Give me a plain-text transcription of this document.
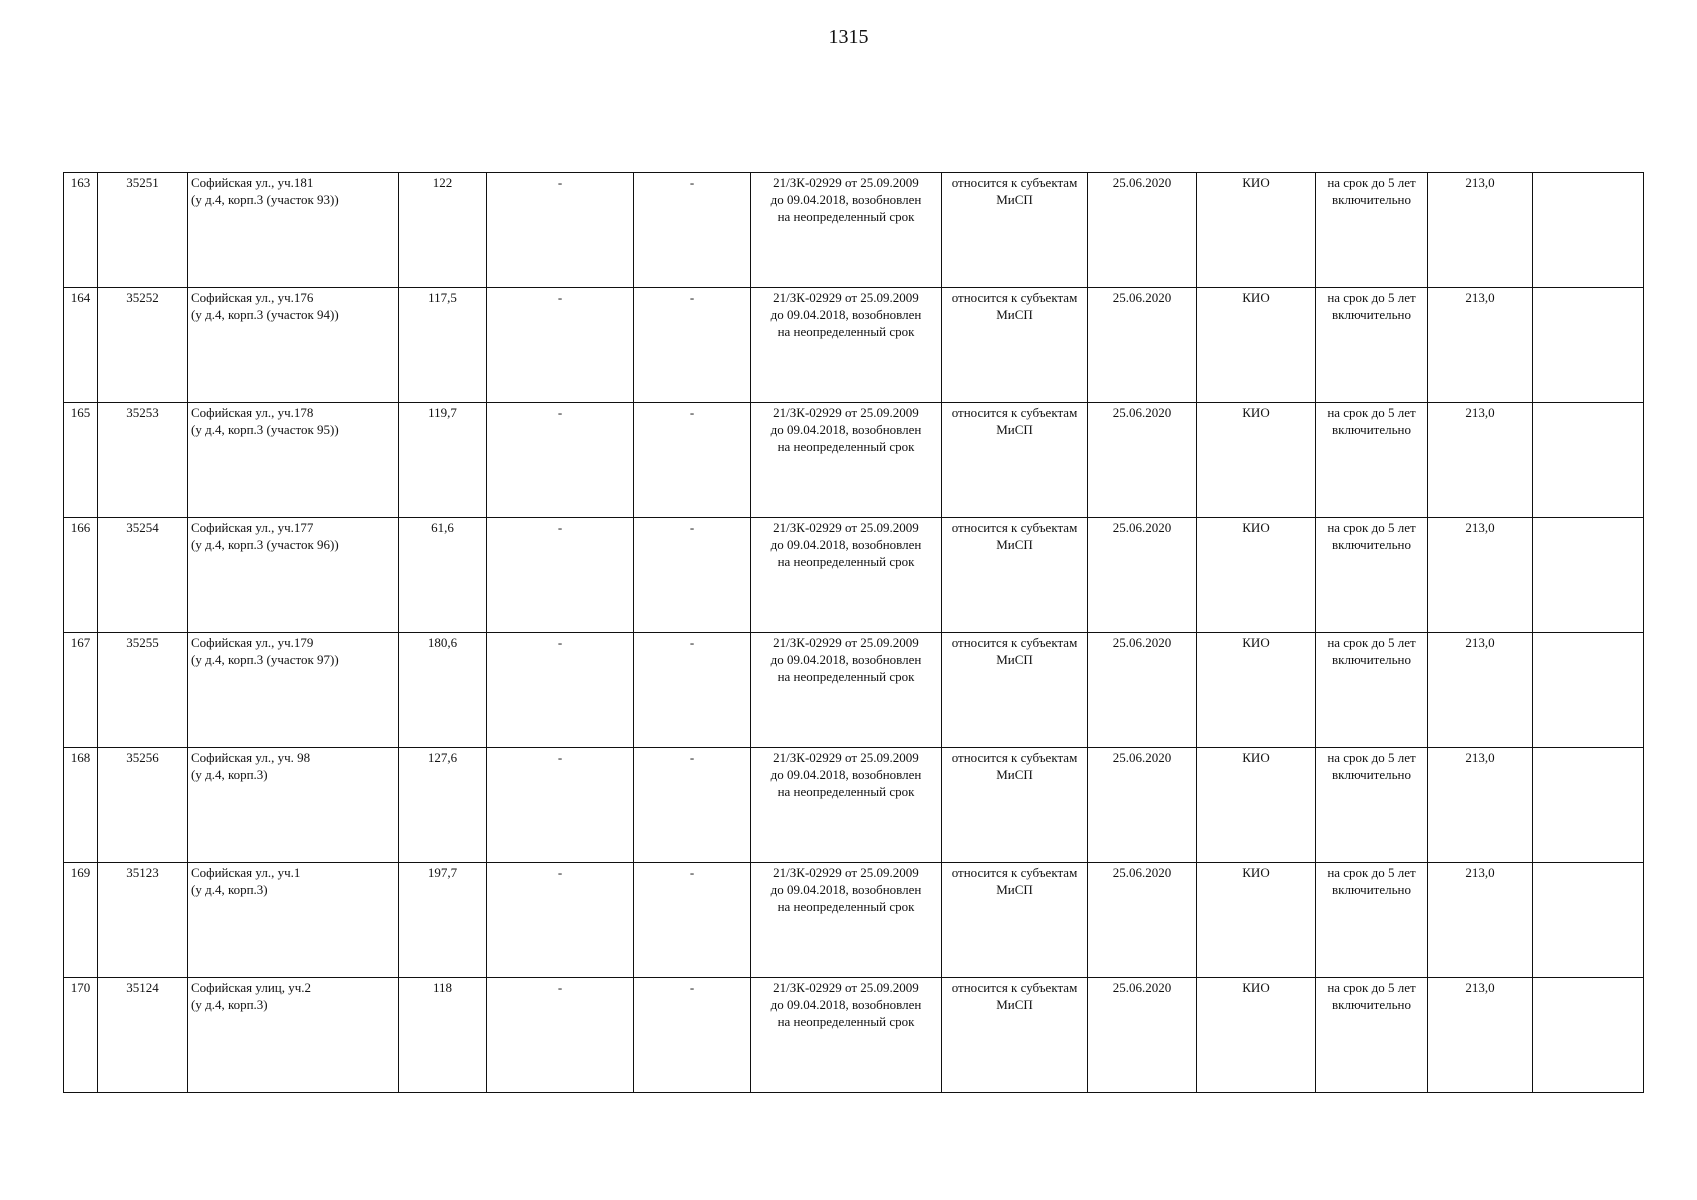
1315
163	35251	Софийская ул., уч.181
(у д.4, корп.3 (участок 93))	122	-	-	21/ЗК-02929 от 25.09.2009
до 09.04.2018, возобновлен
на неопределенный срок	относится к субъектам
МиСП	25.06.2020	КИО	на срок до 5 лет
включительно	213,0	
164	35252	Софийская ул., уч.176
(у д.4, корп.3 (участок 94))	117,5	-	-	21/ЗК-02929 от 25.09.2009
до 09.04.2018, возобновлен
на неопределенный срок	относится к субъектам
МиСП	25.06.2020	КИО	на срок до 5 лет
включительно	213,0	
165	35253	Софийская ул., уч.178
(у д.4, корп.3 (участок 95))	119,7	-	-	21/ЗК-02929 от 25.09.2009
до 09.04.2018, возобновлен
на неопределенный срок	относится к субъектам
МиСП	25.06.2020	КИО	на срок до 5 лет
включительно	213,0	
166	35254	Софийская ул., уч.177
(у д.4, корп.3 (участок 96))	61,6	-	-	21/ЗК-02929 от 25.09.2009
до 09.04.2018, возобновлен
на неопределенный срок	относится к субъектам
МиСП	25.06.2020	КИО	на срок до 5 лет
включительно	213,0	
167	35255	Софийская ул., уч.179
(у д.4, корп.3 (участок 97))	180,6	-	-	21/ЗК-02929 от 25.09.2009
до 09.04.2018, возобновлен
на неопределенный срок	относится к субъектам
МиСП	25.06.2020	КИО	на срок до 5 лет
включительно	213,0	
168	35256	Софийская ул., уч. 98
(у д.4, корп.3)	127,6	-	-	21/ЗК-02929 от 25.09.2009
до 09.04.2018, возобновлен
на неопределенный срок	относится к субъектам
МиСП	25.06.2020	КИО	на срок до 5 лет
включительно	213,0	
169	35123	Софийская ул., уч.1
(у д.4, корп.3)	197,7	-	-	21/ЗК-02929 от 25.09.2009
до 09.04.2018, возобновлен
на неопределенный срок	относится к субъектам
МиСП	25.06.2020	КИО	на срок до 5 лет
включительно	213,0	
170	35124	Софийская улиц, уч.2
(у д.4, корп.3)	118	-	-	21/ЗК-02929 от 25.09.2009
до 09.04.2018, возобновлен
на неопределенный срок	относится к субъектам
МиСП	25.06.2020	КИО	на срок до 5 лет
включительно	213,0	
